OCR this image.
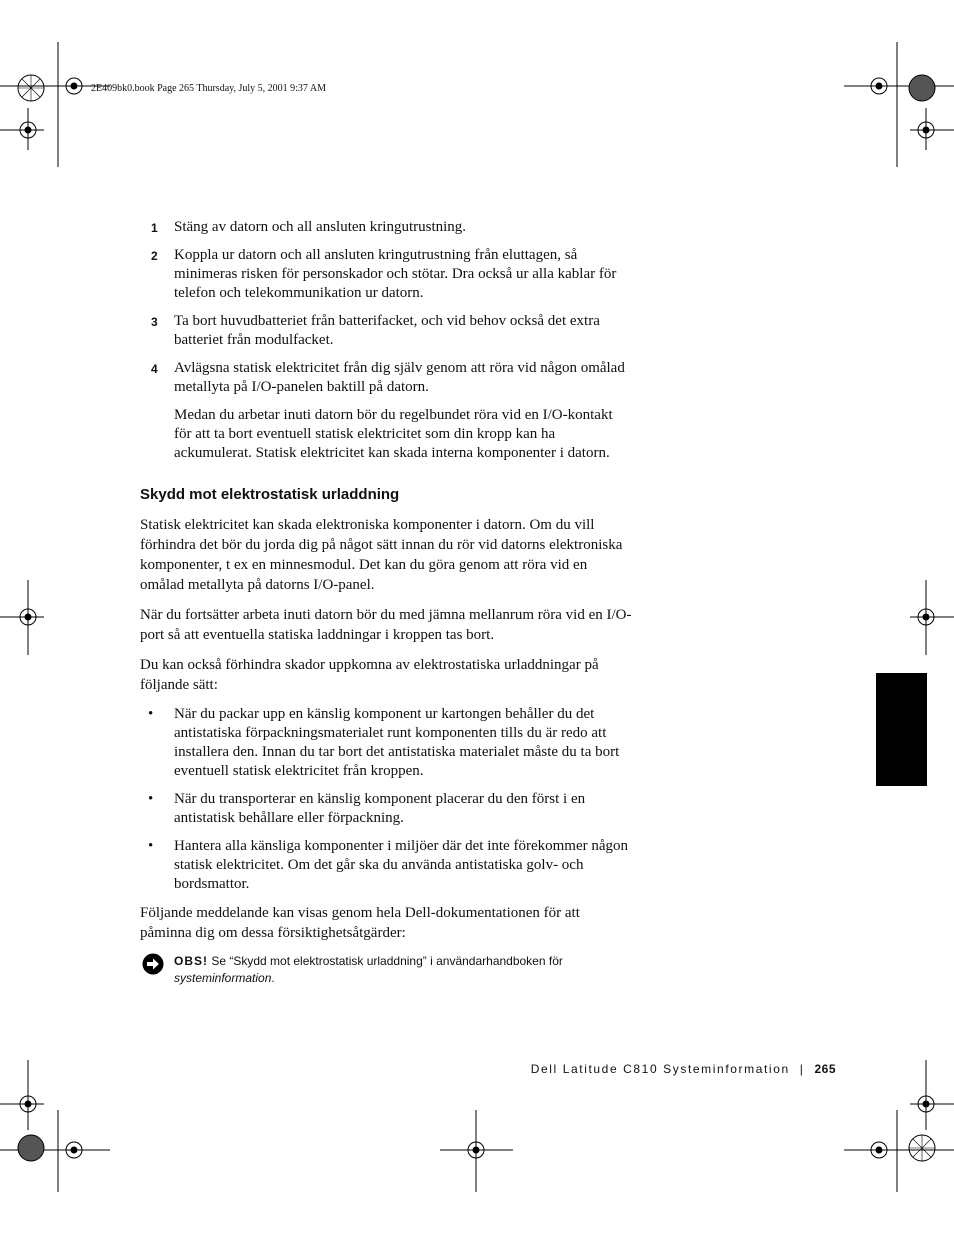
2E409bk0.book Page 265 Thursday, July 5, 2001 9:37 AM
1 Stäng av datorn och all ansluten kringutrustning.
2 Koppla ur datorn och all ansluten kringutrustning från eluttagen, så minimeras risken för personskador och stötar. Dra också ur alla kablar för telefon och telekommunikation ur datorn.
3 Ta bort huvudbatteriet från batterifacket, och vid behov också det extra batteriet från modulfacket.
4 Avlägsna statisk elektricitet från dig själv genom att röra vid någon omålad metallyta på I/O-panelen baktill på datorn.
Medan du arbetar inuti datorn bör du regelbundet röra vid en I/O-kontakt för att ta bort eventuell statisk elektricitet som din kropp kan ha ackumulerat. Statisk elektricitet kan skada interna komponenter i datorn.
Skydd mot elektrostatisk urladdning

Statisk elektricitet kan skada elektroniska komponenter i datorn. Om du vill förhindra det bör du jorda dig på något sätt innan du rör vid datorns elektroniska komponenter, t ex en minnesmodul. Det kan du göra genom att röra vid en omålad metallyta på datorns I/O-panel.

När du fortsätter arbeta inuti datorn bör du med jämna mellanrum röra vid en I/O-port så att eventuella statiska laddningar i kroppen tas bort.

Du kan också förhindra skador uppkomna av elektrostatiska urladdningar på följande sätt:

• När du packar upp en känslig komponent ur kartongen behåller du det antistatiska förpackningsmaterialet runt komponenten tills du är redo att installera den. Innan du tar bort det antistatiska materialet måste du ta bort eventuell statisk elektricitet från kroppen.
• När du transporterar en känslig komponent placerar du den först i en antistatisk behållare eller förpackning.
• Hantera alla känsliga komponenter i miljöer där det inte förekommer någon statisk elektricitet. Om det går ska du använda antistatiska golv- och bordsmattor.

Följande meddelande kan visas genom hela Dell-dokumentationen för att påminna dig om dessa försiktighetsåtgärder:

OBS! Se “Skydd mot elektrostatisk urladdning” i användarhandboken för systeminformation.
Dell Latitude C810 Systeminformation | 265
